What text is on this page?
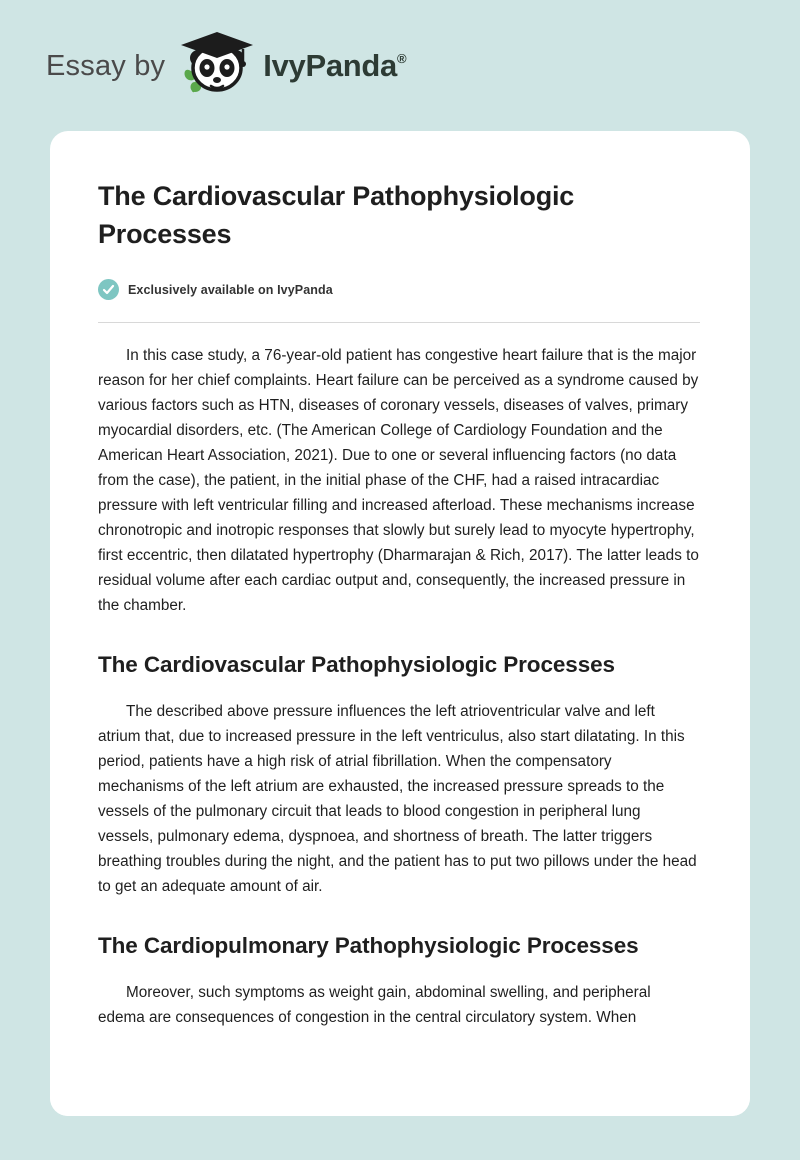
Essay by	IvyPanda®
The Cardiovascular Pathophysiologic Processes
Exclusively available on IvyPanda

In this case study, a 76-year-old patient has congestive heart failure that is the major reason for her chief complaints. Heart failure can be perceived as a syndrome caused by various factors such as HTN, diseases of coronary vessels, diseases of valves, primary myocardial disorders, etc. (The American College of Cardiology Foundation and the American Heart Association, 2021). Due to one or several influencing factors (no data from the case), the patient, in the initial phase of the CHF, had a raised intracardiac pressure with left ventricular filling and increased afterload. These mechanisms increase chronotropic and inotropic responses that slowly but surely lead to myocyte hypertrophy, first eccentric, then dilatated hypertrophy (Dharmarajan & Rich, 2017). The latter leads to residual volume after each cardiac output and, consequently, the increased pressure in the chamber.

The Cardiovascular Pathophysiologic Processes

The described above pressure influences the left atrioventricular valve and left atrium that, due to increased pressure in the left ventriculus, also start dilatating. In this period, patients have a high risk of atrial fibrillation. When the compensatory mechanisms of the left atrium are exhausted, the increased pressure spreads to the vessels of the pulmonary circuit that leads to blood congestion in peripheral lung vessels, pulmonary edema, dyspnoea, and shortness of breath. The latter triggers breathing troubles during the night, and the patient has to put two pillows under the head to get an adequate amount of air.

The Cardiopulmonary Pathophysiologic Processes

Moreover, such symptoms as weight gain, abdominal swelling, and peripheral edema are consequences of congestion in the central circulatory system. When
